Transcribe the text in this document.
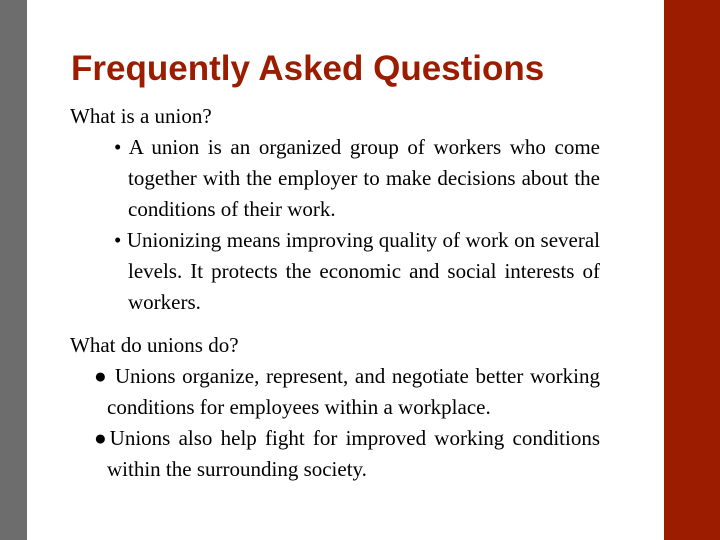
Frequently Asked Questions

What is a union?

• A union is an organized group of workers who come together with the employer to make decisions about the conditions of their work.

• Unionizing means improving quality of work on several levels. It protects the economic and social interests of workers.

What do unions do?

● Unions organize, represent, and negotiate better working conditions for employees within a workplace.

●Unions also help fight for improved working conditions within the surrounding society.
